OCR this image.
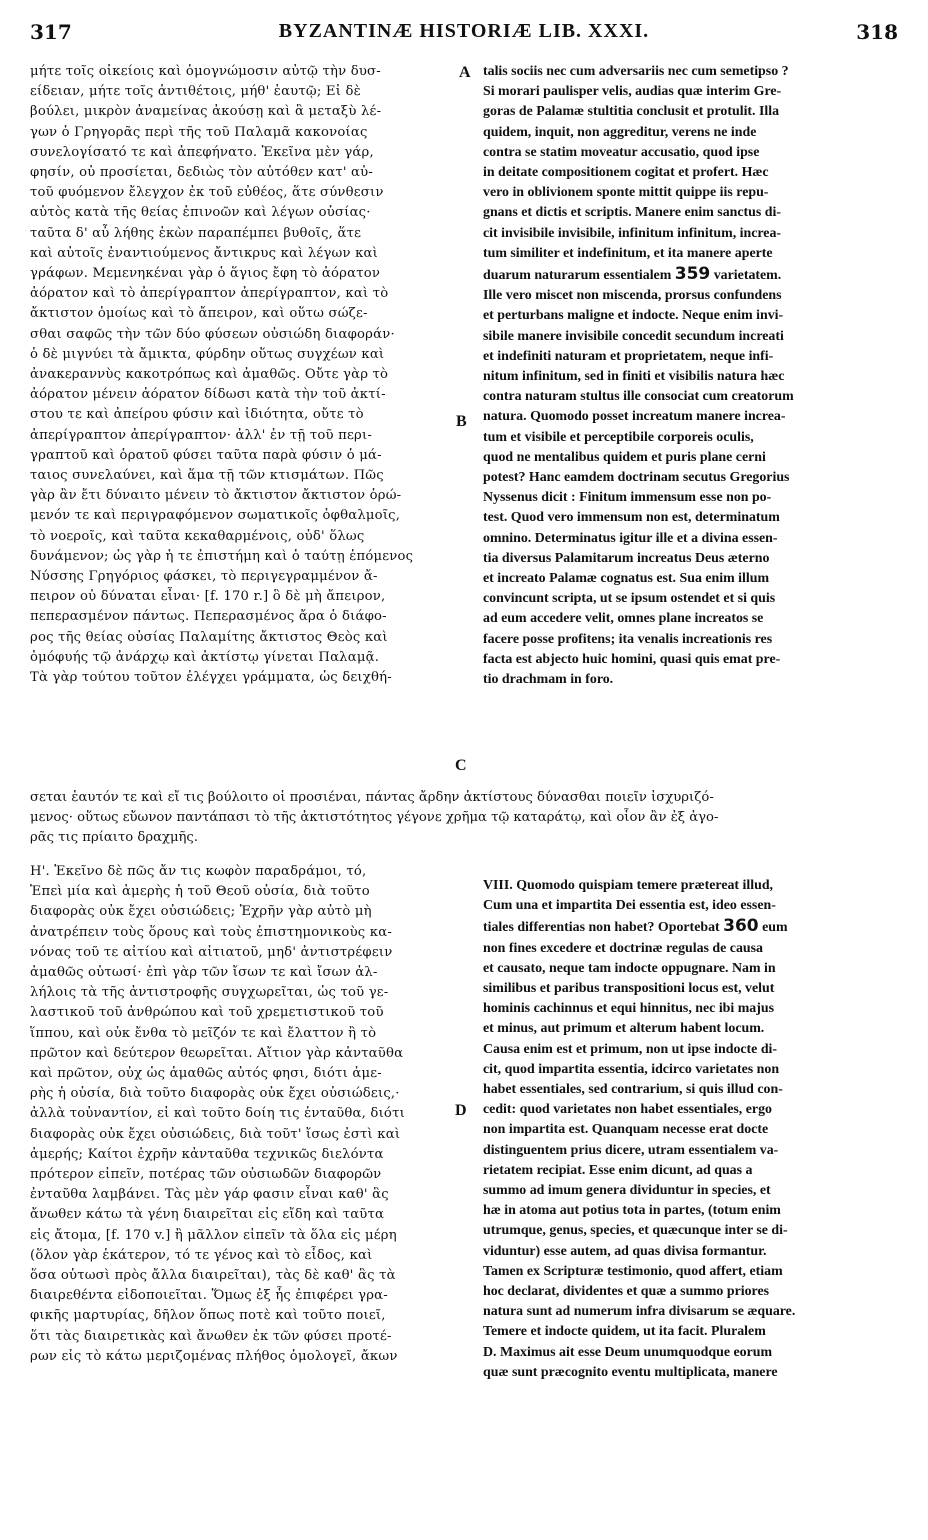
317	BYZANTINÆ HISTORIÆ LIB. XXXI.	318
A
B
C
D
μήτε τοῖς οἰκείοις καὶ ὁμογνώμοσιν αὐτῷ τὴν δυσ-
είδειαν, μήτε τοῖς ἀντιθέτοις, μήθ' ἑαυτῷ; Εἰ δὲ
βούλει, μικρὸν ἀναμείνας ἀκούσῃ καὶ ἃ μεταξὺ λέ-
γων ὁ Γρηγορᾶς περὶ τῆς τοῦ Παλαμᾶ κακονοίας
συνελογίσατό τε καὶ ἀπεφήνατο. Ἐκεῖνα μὲν γάρ,
φησίν, οὐ προσίεται, δεδιὼς τὸν αὐτόθεν κατ' αὐ-
τοῦ φυόμενον ἔλεγχον ἐκ τοῦ εὐθέος, ἅτε σύνθεσιν
αὐτὸς κατὰ τῆς θείας ἐπινοῶν καὶ λέγων οὐσίας·
ταῦτα δ' αὖ λήθης ἑκὼν παραπέμπει βυθοῖς, ἅτε
καὶ αὐτοῖς ἐναντιούμενος ἄντικρυς καὶ λέγων καὶ
γράφων. Μεμενηκέναι γὰρ ὁ ἅγιος ἔφη τὸ ἀόρατον
ἀόρατον καὶ τὸ ἀπερίγραπτον ἀπερίγραπτον, καὶ τὸ
ἄκτιστον ὁμοίως καὶ τὸ ἄπειρον, καὶ οὕτω σώζε-
σθαι σαφῶς τὴν τῶν δύο φύσεων οὐσιώδη διαφοράν·
ὁ δὲ μιγνύει τὰ ἄμικτα, φύρδην οὕτως συγχέων καὶ
ἀνακεραννὺς κακοτρόπως καὶ ἀμαθῶς. Οὔτε γὰρ τὸ
ἀόρατον μένειν ἀόρατον δίδωσι κατὰ τὴν τοῦ ἀκτί-
στου τε καὶ ἀπείρου φύσιν καὶ ἰδιότητα, οὔτε τὸ
ἀπερίγραπτον ἀπερίγραπτον· ἀλλ' ἐν τῇ τοῦ περι-
γραπτοῦ καὶ ὁρατοῦ φύσει ταῦτα παρὰ φύσιν ὁ μά-
ταιος συνελαύνει, καὶ ἅμα τῇ τῶν κτισμάτων. Πῶς
γὰρ ἂν ἔτι δύναιτο μένειν τὸ ἄκτιστον ἄκτιστον ὁρώ-
μενόν τε καὶ περιγραφόμενον σωματικοῖς ὀφθαλμοῖς,
τὸ νοεροῖς, καὶ ταῦτα κεκαθαρμένοις, οὐδ' ὅλως
δυνάμενον; ὡς γὰρ ἡ τε ἐπιστήμη καὶ ὁ ταύτῃ ἑπόμενος
Νύσσης Γρηγόριος φάσκει, τὸ περιγεγραμμένον ἄ-
πειρον οὐ δύναται εἶναι· [f. 170 r.] ὃ δὲ μὴ ἄπειρον,
πεπερασμένον πάντως. Πεπερασμένος ἄρα ὁ διάφο-
ρος τῆς θείας οὐσίας Παλαμίτης ἄκτιστος Θεὸς καὶ
ὁμόφυής τῷ ἀνάρχῳ καὶ ἀκτίστῳ γίνεται Παλαμᾷ.
Τὰ γὰρ τούτου τοῦτον ἐλέγχει γράμματα, ὡς δειχθή-
talis sociis nec cum adversariis nec cum semetipso ?
Si morari paulisper velis, audias quæ interim Gre-
goras de Palamæ stultitia conclusit et protulit. Illa
quidem, inquit, non aggreditur, verens ne inde
contra se statim moveatur accusatio, quod ipse
in deitate compositionem cogitat et profert. Hæc
vero in oblivionem sponte mittit quippe iis repu-
gnans et dictis et scriptis. Manere enim sanctus di-
cit invisibile invisibile, infinitum infinitum, increa-
tum similiter et indefinitum, et ita manere aperte
duarum naturarum essentialem 359 varietatem.
Ille vero miscet non miscenda, prorsus confundens
et perturbans maligne et indocte. Neque enim invi-
sibile manere invisibile concedit secundum increati
et indefiniti naturam et proprietatem, neque infi-
nitum infinitum, sed in finiti et visibilis natura hæc
contra naturam stultus ille consociat cum creatorum
natura. Quomodo posset increatum manere increa-
tum et visibile et perceptibile corporeis oculis,
quod ne mentalibus quidem et puris plane cerni
potest? Hanc eamdem doctrinam secutus Gregorius
Nyssenus dicit : Finitum immensum esse non po-
test. Quod vero immensum non est, determinatum
omnino. Determinatus igitur ille et a divina essen-
tia diversus Palamitarum increatus Deus æterno
et increato Palamæ cognatus est. Sua enim illum
convincunt scripta, ut se ipsum ostendet et si quis
ad eum accedere velit, omnes plane increatos se
facere posse profitens; ita venalis increationis res
facta est abjecto huic homini, quasi quis emat pre-
tio drachmam in foro.
σεται ἑαυτόν τε καὶ εἴ τις βούλοιτο οἱ προσιέναι, πάντας ἄρδην ἀκτίστους δύνασθαι ποιεῖν ἰσχυριζό-
μενος· οὕτως εὔωνον παντάπασι τὸ τῆς ἀκτιστότητος γέγονε χρῆμα τῷ καταράτῳ, καὶ οἷον ἂν ἐξ ἀγο-
ρᾶς τις πρίαιτο δραχμῆς.
Η'. Ἐκεῖνο δὲ πῶς ἄν τις κωφὸν παραδράμοι, τό,
Ἐπεὶ μία καὶ ἀμερὴς ἡ τοῦ Θεοῦ οὐσία, διὰ τοῦτο
διαφορὰς οὐκ ἔχει οὐσιώδεις; Ἐχρῆν γὰρ αὐτὸ μὴ
ἀνατρέπειν τοὺς ὅρους καὶ τοὺς ἐπιστημονικοὺς κα-
νόνας τοῦ τε αἰτίου καὶ αἰτιατοῦ, μηδ' ἀντιστρέφειν
ἀμαθῶς οὑτωσί· ἐπὶ γὰρ τῶν ἴσων τε καὶ ἴσων ἀλ-
λήλοις τὰ τῆς ἀντιστροφῆς συγχωρεῖται, ὡς τοῦ γε-
λαστικοῦ τοῦ ἀνθρώπου καὶ τοῦ χρεμετιστικοῦ τοῦ
ἵππου, καὶ οὐκ ἔνθα τὸ μεῖζόν τε καὶ ἔλαττον ἢ τὸ
πρῶτον καὶ δεύτερον θεωρεῖται. Αἴτιον γὰρ κἀνταῦθα
καὶ πρῶτον, οὐχ ὡς ἀμαθῶς αὐτός φησι, διότι ἀμε-
ρὴς ἡ οὐσία, διὰ τοῦτο διαφορὰς οὐκ ἔχει οὐσιώδεις,·
ἀλλὰ τοὐναντίον, εἰ καὶ τοῦτο δοίη τις ἐνταῦθα, διότι
διαφορὰς οὐκ ἔχει οὐσιώδεις, διὰ τοῦτ' ἴσως ἐστὶ καὶ
ἀμερής; Καίτοι ἐχρῆν κἀνταῦθα τεχνικῶς διελόντα
πρότερον εἰπεῖν, ποτέρας τῶν οὐσιωδῶν διαφορῶν
ἐνταῦθα λαμβάνει. Τὰς μὲν γάρ φασιν εἶναι καθ' ἃς
ἄνωθεν κάτω τὰ γένη διαιρεῖται εἰς εἴδη καὶ ταῦτα
εἰς ἄτομα, [f. 170 v.] ἢ μᾶλλον εἰπεῖν τὰ ὅλα εἰς μέρη
(ὅλον γὰρ ἑκάτερον, τό τε γένος καὶ τὸ εἶδος, καὶ
ὅσα οὑτωσὶ πρὸς ἄλλα διαιρεῖται), τὰς δὲ καθ' ἃς τὰ
διαιρεθέντα εἰδοποιεῖται. Ὅμως ἐξ ἧς ἐπιφέρει γρα-
φικῆς μαρτυρίας, δῆλον ὅπως ποτὲ καὶ τοῦτο ποιεῖ,
ὅτι τὰς διαιρετικὰς καὶ ἄνωθεν ἐκ τῶν φύσει προτέ-
ρων εἰς τὸ κάτω μεριζομένας πλήθος ὁμολογεῖ, ἄκων
VIII. Quomodo quispiam temere prætereat illud,
Cum una et impartita Dei essentia est, ideo essen-
tiales differentias non habet? Oportebat 360 eum
non fines excedere et doctrinæ regulas de causa
et causato, neque tam indocte oppugnare. Nam in
similibus et paribus transpositioni locus est, velut
hominis cachinnus et equi hinnitus, nec ibi majus
et minus, aut primum et alterum habent locum.
Causa enim est et primum, non ut ipse indocte di-
cit, quod impartita essentia, idcirco varietates non
habet essentiales, sed contrarium, si quis illud con-
cedit: quod varietates non habet essentiales, ergo
non impartita est. Quanquam necesse erat docte
distinguentem prius dicere, utram essentialem va-
rietatem recipiat. Esse enim dicunt, ad quas a
summo ad imum genera dividuntur in species, et
hæ in atoma aut potius tota in partes, (totum enim
utrumque, genus, species, et quæcunque inter se di-
viduntur) esse autem, ad quas divisa formantur.
Tamen ex Scripturæ testimonio, quod affert, etiam
hoc declarat, dividentes et quæ a summo priores
natura sunt ad numerum infra divisarum se æquare.
Temere et indocte quidem, ut ita facit. Pluralem
D. Maximus ait esse Deum unumquodque eorum
quæ sunt præcognito eventu multiplicata, manere
